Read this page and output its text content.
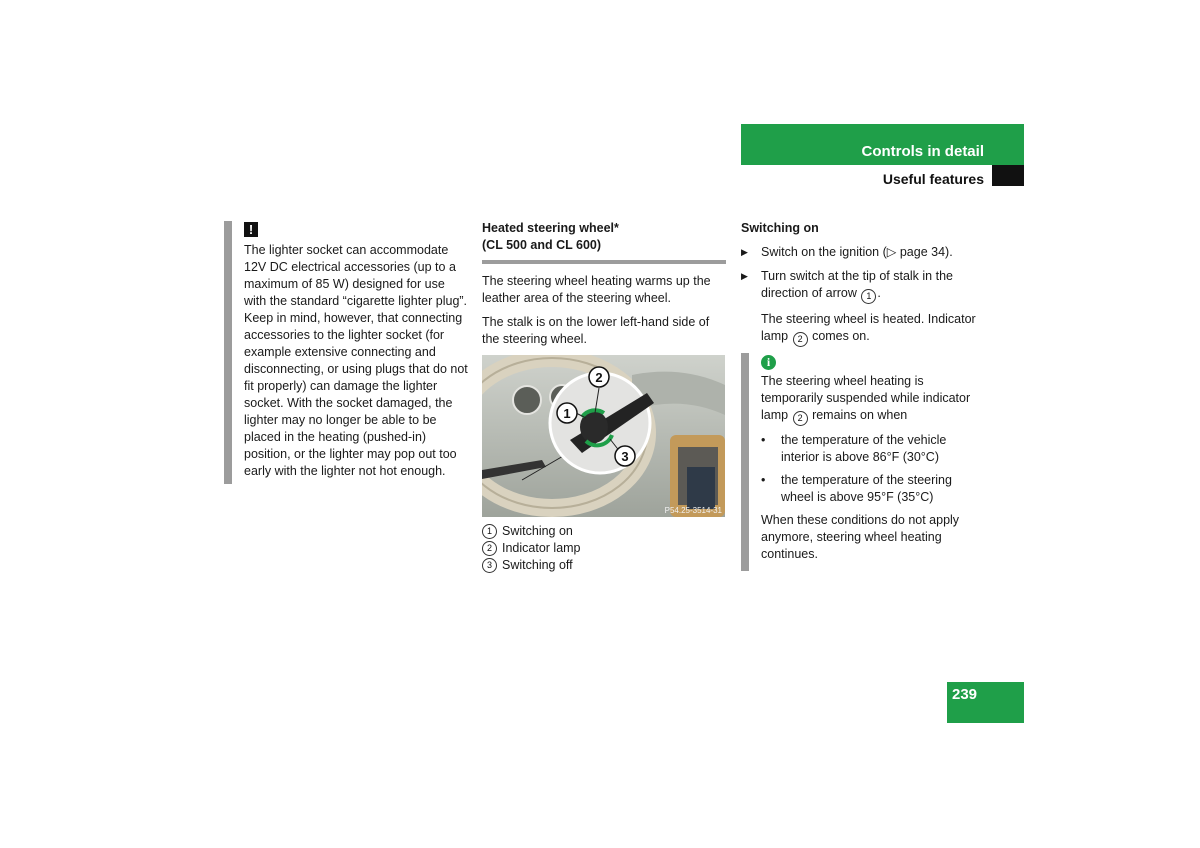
Controls in detail
Useful features
!

The lighter socket can accommodate 12V DC electrical accessories (up to a maximum of 85 W) designed for use with the standard “cigarette lighter plug”. Keep in mind, however, that connecting accessories to the lighter socket (for example extensive connecting and disconnecting, or using plugs that do not fit properly) can damage the lighter socket. With the socket damaged, the lighter may no longer be able to be placed in the heating (pushed-in) position, or the lighter may pop out too early with the lighter not hot enough.

Heated steering wheel*
(CL 500 and CL 600)

The steering wheel heating warms up the leather area of the steering wheel.

The stalk is on the lower left-hand side of the steering wheel.

2
1
3
P54.25-3514-31
1 Switching on
2 Indicator lamp
3 Switching off
Switching on
▶	Switch on the ignition (▷ page 34).
▶	Turn switch at the tip of stalk in the direction of arrow 1 .

The steering wheel is heated. Indicator lamp 2 comes on.

i

The steering wheel heating is temporarily suspended while indicator lamp 2 remains on when

•	the temperature of the vehicle interior is above 86°F (30°C)
•	the temperature of the steering wheel is above 95°F (35°C)

When these conditions do not apply anymore, steering wheel heating continues.

239
